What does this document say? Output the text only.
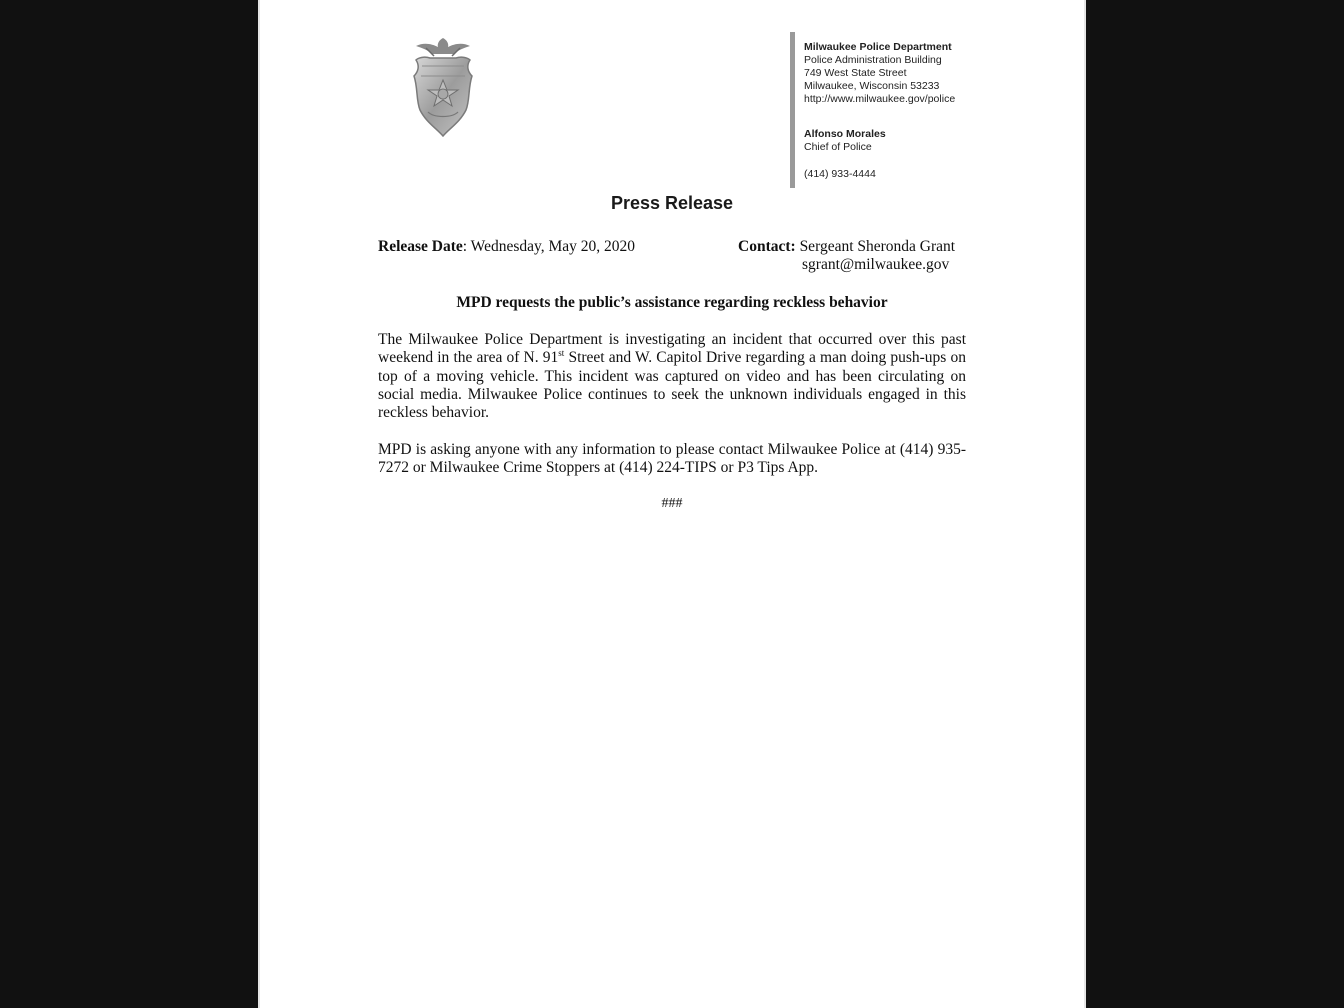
Milwaukee Police Department
Police Administration Building
749 West State Street
Milwaukee, Wisconsin 53233
http://www.milwaukee.gov/police
Alfonso Morales
Chief of Police
(414) 933-4444
Press Release
Release Date: Wednesday, May 20, 2020	Contact: Sergeant Sheronda Grant
sgrant@milwaukee.gov
MPD requests the public’s assistance regarding reckless behavior
The Milwaukee Police Department is investigating an incident that occurred over this past weekend in the area of N. 91st Street and W. Capitol Drive regarding a man doing push-ups on top of a moving vehicle. This incident was captured on video and has been circulating on social media. Milwaukee Police continues to seek the unknown individuals engaged in this reckless behavior.
MPD is asking anyone with any information to please contact Milwaukee Police at (414) 935-7272 or Milwaukee Crime Stoppers at (414) 224-TIPS or P3 Tips App.
###
